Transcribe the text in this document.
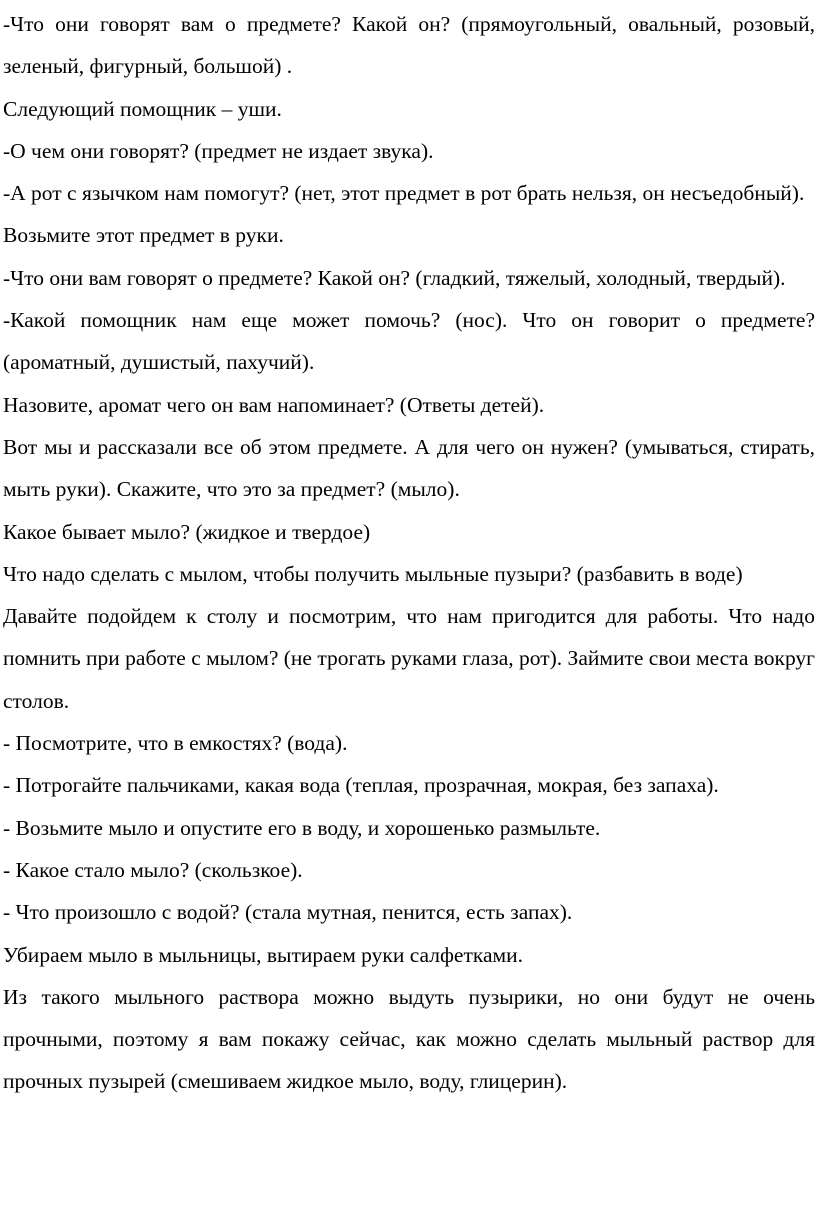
-Что они говорят вам о предмете? Какой он? (прямоугольный, овальный, розовый, зеленый, фигурный, большой) .

Следующий помощник – уши.

-О чем они говорят? (предмет не издает звука).

-А рот с язычком нам помогут? (нет, этот предмет в рот брать нельзя, он несъедобный).

Возьмите этот предмет в руки.

-Что они вам говорят о предмете? Какой он? (гладкий, тяжелый, холодный, твердый).

-Какой помощник нам еще может помочь? (нос). Что он говорит о предмете? (ароматный, душистый, пахучий).

Назовите, аромат чего он вам напоминает? (Ответы детей).

Вот мы и рассказали все об этом предмете. А для чего он нужен? (умываться, стирать, мыть руки). Скажите, что это за предмет? (мыло).

Какое бывает мыло? (жидкое и твердое)

Что надо сделать с мылом, чтобы получить мыльные пузыри? (разбавить в воде)

Давайте подойдем к столу и посмотрим, что нам пригодится для работы. Что надо помнить при работе с мылом? (не трогать руками глаза, рот). Займите свои места вокруг столов.

- Посмотрите, что в емкостях? (вода).

- Потрогайте пальчиками, какая вода (теплая, прозрачная, мокрая, без запаха).

- Возьмите мыло и опустите его в воду, и хорошенько размыльте.

- Какое стало мыло? (скользкое).

- Что произошло с водой? (стала мутная, пенится, есть запах).

Убираем мыло в мыльницы, вытираем руки салфетками.

Из такого мыльного раствора можно выдуть пузырики, но они будут не очень прочными, поэтому я вам покажу сейчас, как можно сделать мыльный раствор для прочных пузырей (смешиваем жидкое мыло, воду, глицерин).
